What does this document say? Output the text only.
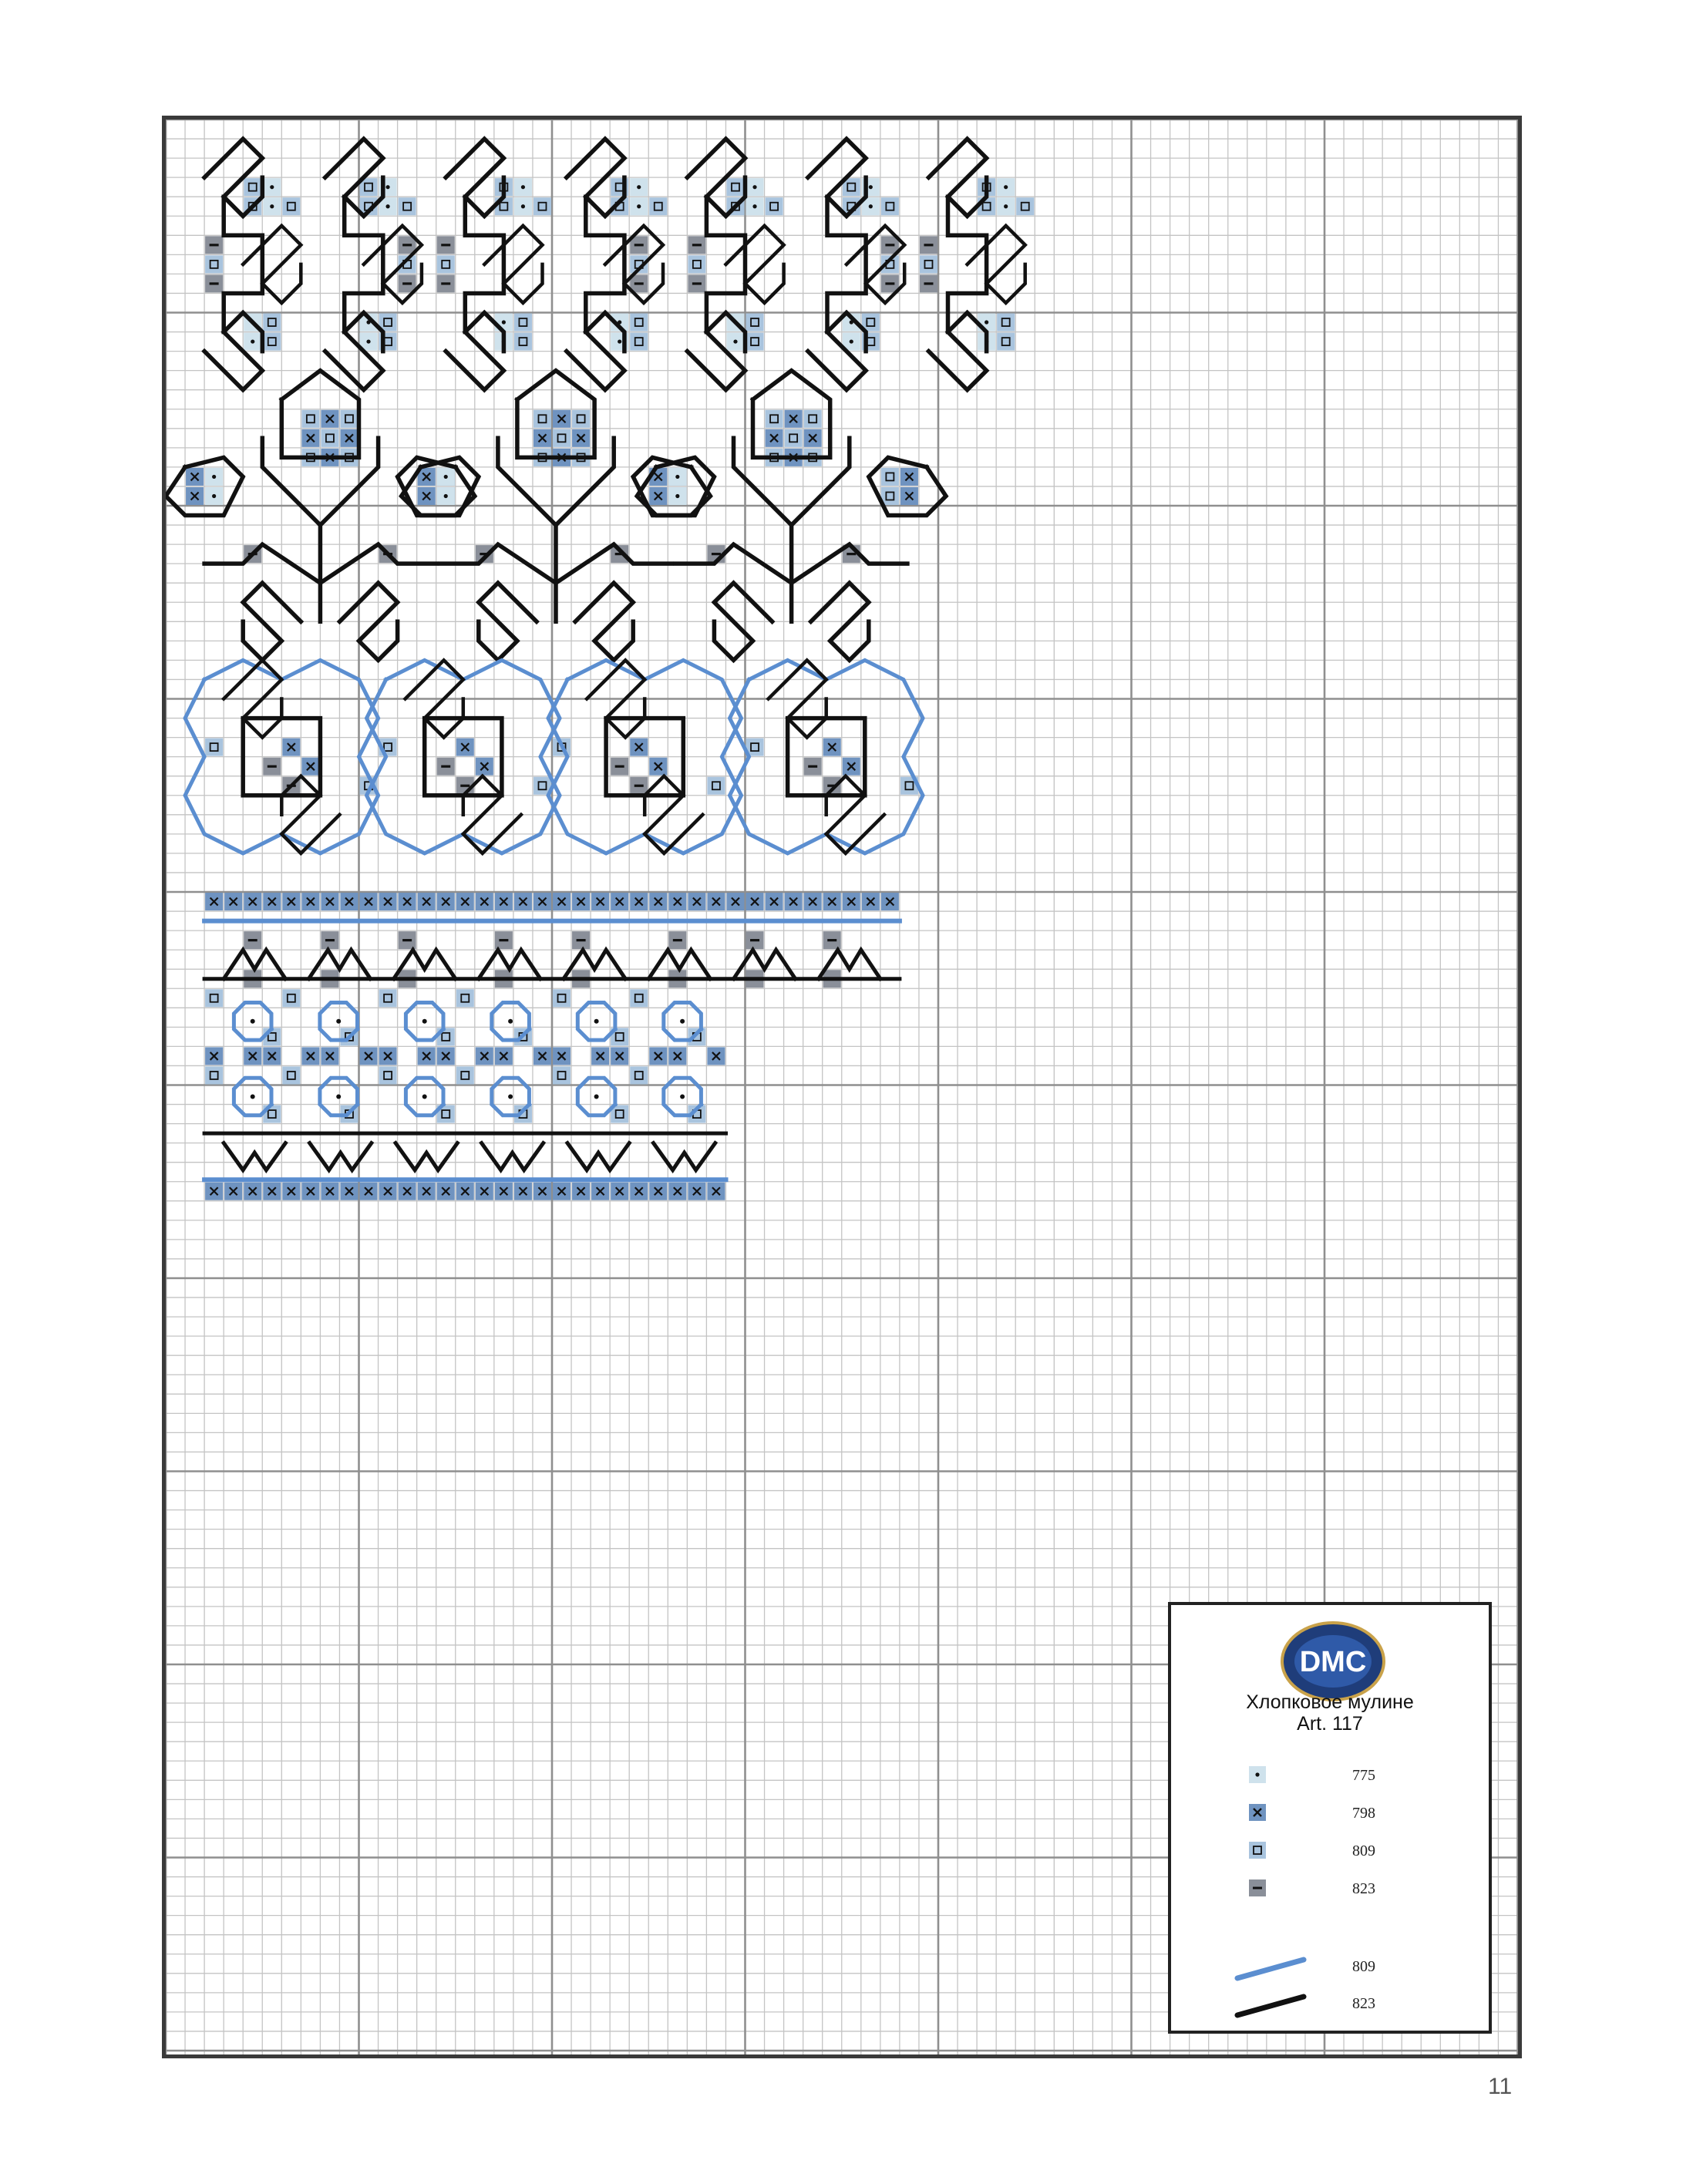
DMC
Хлопковое мулине
Art. 117
775
798
809
823
809
823
11
